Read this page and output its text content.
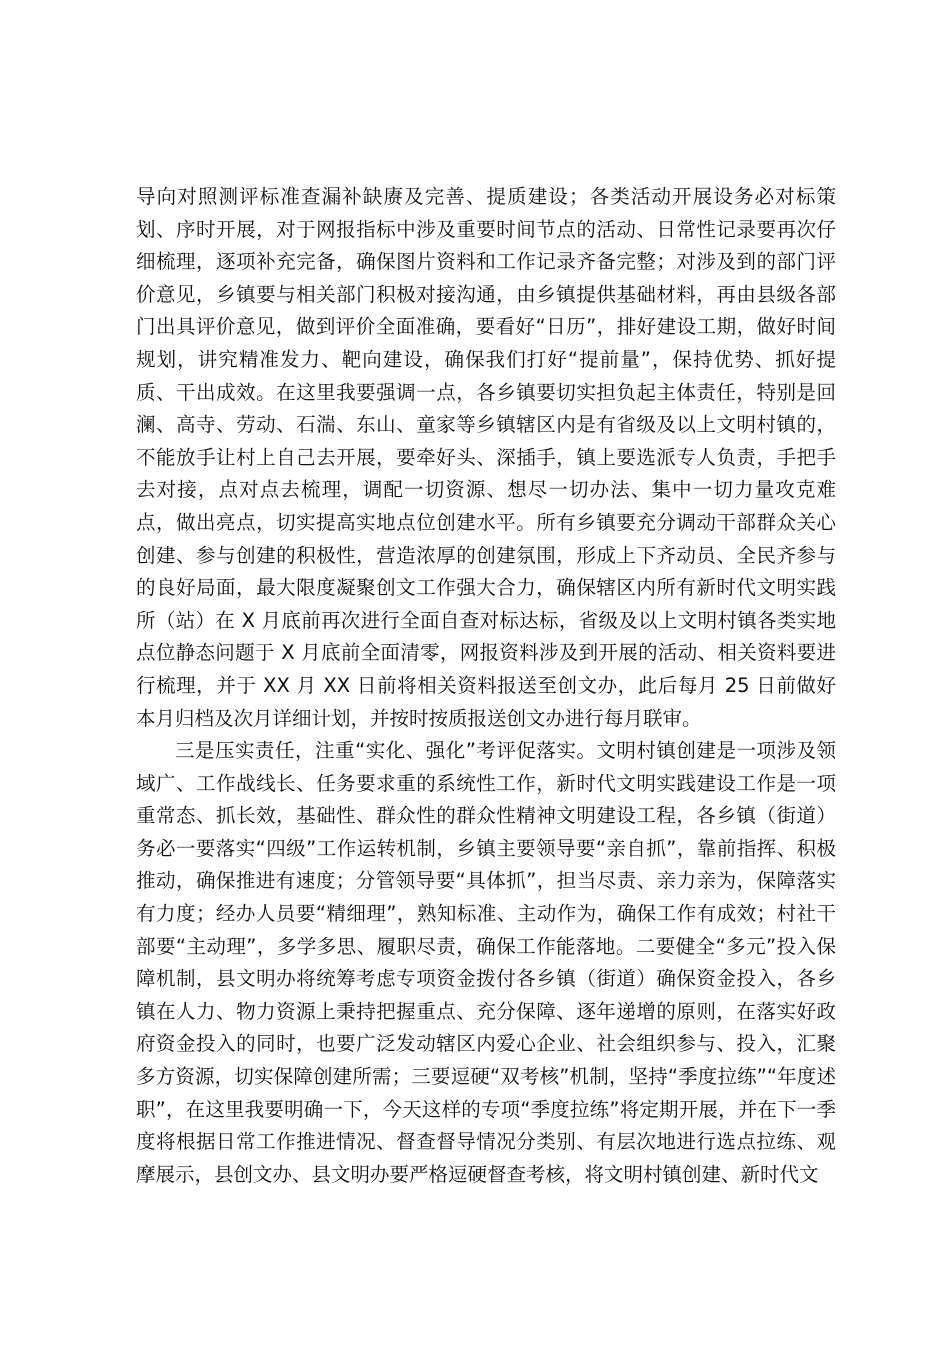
导向对照测评标准查漏补缺赓及完善、提质建设；各类活动开展设务必对标策划、序时开展，对于网报指标中涉及重要时间节点的活动、日常性记录要再次仔细梳理，逐项补充完备，确保图片资料和工作记录齐备完整；对涉及到的部门评价意见，乡镇要与相关部门积极对接沟通，由乡镇提供基础材料，再由县级各部门出具评价意见，做到评价全面准确，要看好“日历”，排好建设工期，做好时间规划，讲究精准发力、靶向建设，确保我们打好“提前量”，保持优势、抓好提质、干出成效。在这里我要强调一点，各乡镇要切实担负起主体责任，特别是回澜、高寺、劳动、石湍、东山、童家等乡镇辖区内是有省级及以上文明村镇的，不能放手让村上自己去开展，要牵好头、深插手，镇上要选派专人负责，手把手去对接，点对点去梳理，调配一切资源、想尽一切办法、集中一切力量攻克难点，做出亮点，切实提高实地点位创建水平。所有乡镇要充分调动干部群众关心创建、参与创建的积极性，营造浓厚的创建氛围，形成上下齐动员、全民齐参与的良好局面，最大限度凝聚创文工作强大合力，确保辖区内所有新时代文明实践所（站）在 X 月底前再次进行全面自查对标达标，省级及以上文明村镇各类实地点位静态问题于 X 月底前全面清零，网报资料涉及到开展的活动、相关资料要进行梳理，并于 XX 月 XX 日前将相关资料报送至创文办，此后每月 25 日前做好本月归档及次月详细计划，并按时按质报送创文办进行每月联审。

三是压实责任，注重“实化、强化”考评促落实。文明村镇创建是一项涉及领域广、工作战线长、任务要求重的系统性工作，新时代文明实践建设工作是一项重常态、抓长效，基础性、群众性的群众性精神文明建设工程，各乡镇（街道）务必一要落实“四级”工作运转机制，乡镇主要领导要“亲自抓”，靠前指挥、积极推动，确保推进有速度；分管领导要“具体抓”，担当尽责、亲力亲为，保障落实有力度；经办人员要“精细理”，熟知标准、主动作为，确保工作有成效；村社干部要“主动理”，多学多思、履职尽责，确保工作能落地。二要健全“多元”投入保障机制，县文明办将统筹考虑专项资金拨付各乡镇（街道）确保资金投入，各乡镇在人力、物力资源上秉持把握重点、充分保障、逐年递增的原则，在落实好政府资金投入的同时，也要广泛发动辖区内爱心企业、社会组织参与、投入，汇聚多方资源，切实保障创建所需；三要逗硬“双考核”机制，坚持“季度拉练”“年度述职”，在这里我要明确一下，今天这样的专项“季度拉练”将定期开展，并在下一季度将根据日常工作推进情况、督查督导情况分类别、有层次地进行选点拉练、观摩展示，县创文办、县文明办要严格逗硬督查考核，将文明村镇创建、新时代文
